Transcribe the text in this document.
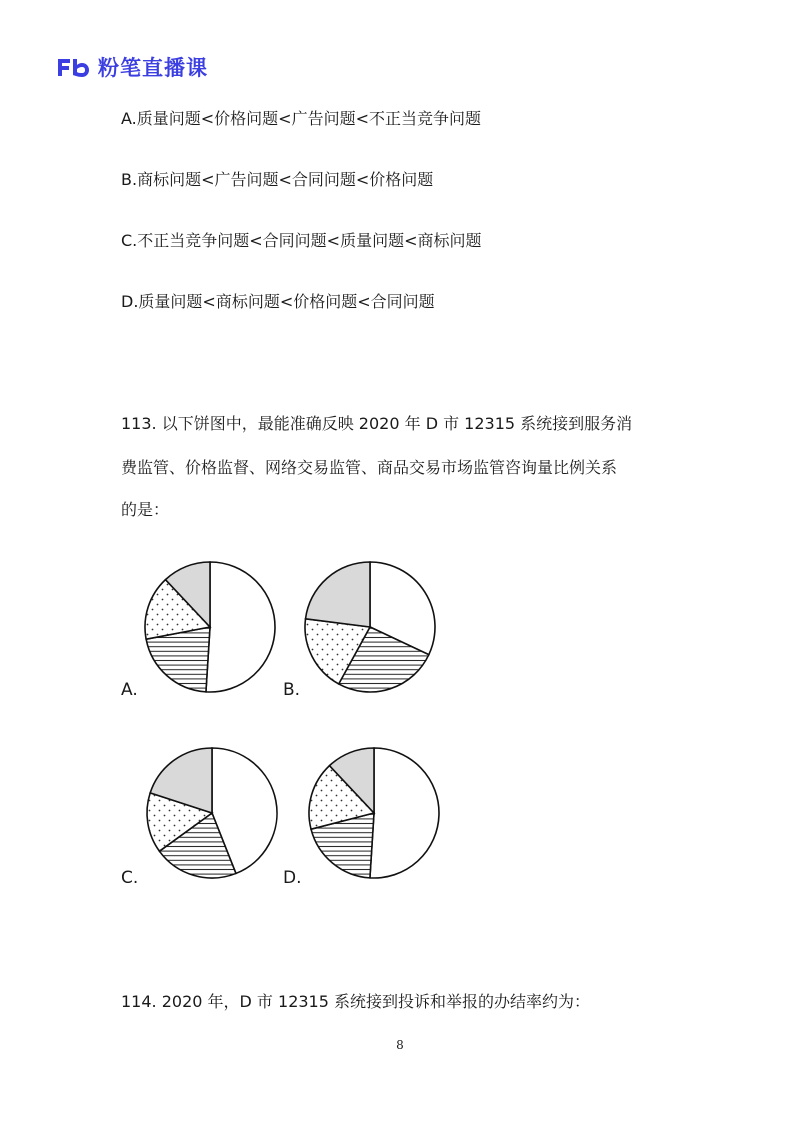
粉笔直播课
A.质量问题<价格问题<广告问题<不正当竞争问题
B.商标问题<广告问题<合同问题<价格问题
C.不正当竞争问题<合同问题<质量问题<商标问题
D.质量问题<商标问题<价格问题<合同问题
113. 以下饼图中，最能准确反映 2020 年 D 市 12315 系统接到服务消
费监管、价格监督、网络交易监管、商品交易市场监管咨询量比例关系
的是：
A.	B.
C.	D.
114. 2020 年，D 市 12315 系统接到投诉和举报的办结率约为：
8
